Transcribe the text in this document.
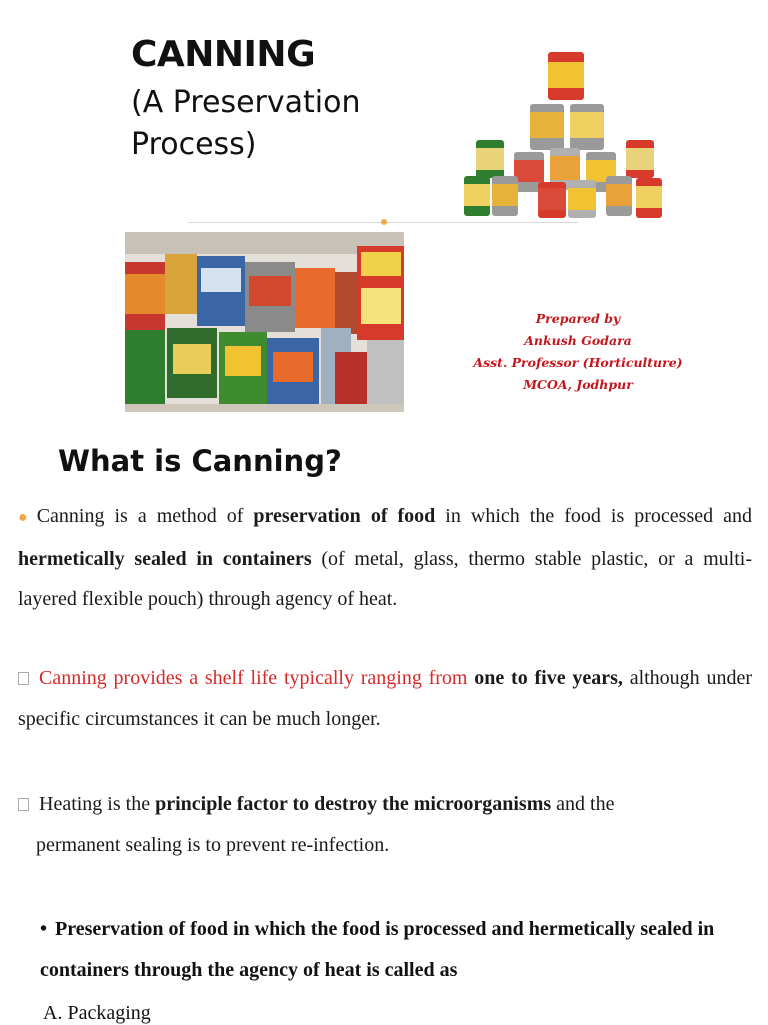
CANNING
(A Preservation Process)
Prepared by
Ankush Godara
Asst. Professor (Horticulture)
MCOA, Jodhpur
What is Canning?
● Canning is a method of preservation of food in which the food is processed and hermetically sealed in containers (of metal, glass, thermo stable plastic, or a multi- layered flexible pouch) through agency of heat.
Canning provides a shelf life typically ranging from one to five years, although under specific circumstances it can be much longer.
Heating is the principle factor to destroy the microorganisms and the
permanent sealing is to prevent re-infection.
• Preservation of food in which the food is processed and hermetically sealed in containers through the agency of heat is called as
A. Packaging
